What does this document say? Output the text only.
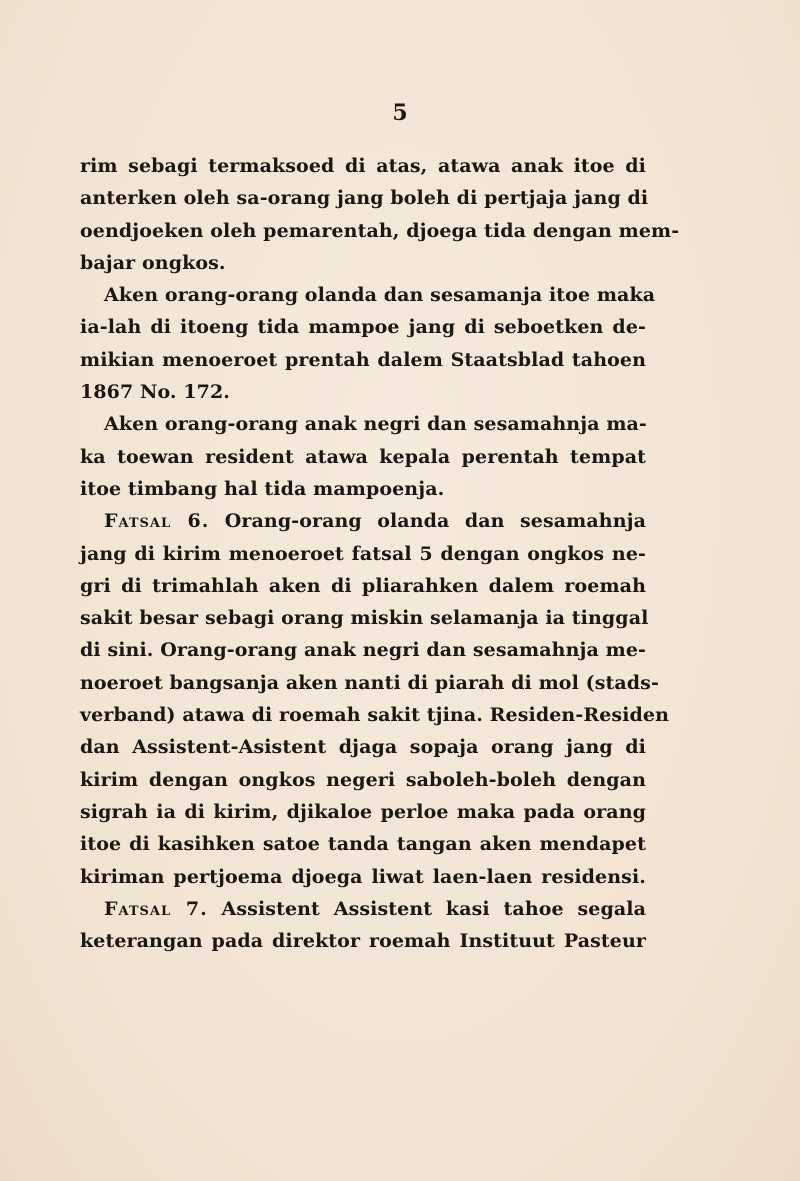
5
rim sebagi termaksoed di atas, atawa anak itoe di
anterken oleh sa-orang jang boleh di pertjaja jang di
oendjoeken oleh pemarentah, djoega tida dengan mem-
bajar ongkos.
Aken orang-orang olanda dan sesamanja itoe maka
ia-lah di itoeng tida mampoe jang di seboetken de-
mikian menoeroet prentah dalem Staatsblad tahoen
1867 No. 172.
Aken orang-orang anak negri dan sesamahnja ma-
ka toewan resident atawa kepala perentah tempat
itoe timbang hal tida mampoenja.
Fatsal 6. Orang-orang olanda dan sesamahnja
jang di kirim menoeroet fatsal 5 dengan ongkos ne-
gri di trimahlah aken di pliarahken dalem roemah
sakit besar sebagi orang miskin selamanja ia tinggal
di sini. Orang-orang anak negri dan sesamahnja me-
noeroet bangsanja aken nanti di piarah di mol (stads-
verband) atawa di roemah sakit tjina. Residen-Residen
dan Assistent-Asistent djaga sopaja orang jang di
kirim dengan ongkos negeri saboleh-boleh dengan
sigrah ia di kirim, djikaloe perloe maka pada orang
itoe di kasihken satoe tanda tangan aken mendapet
kiriman pertjoema djoega liwat laen-laen residensi.
Fatsal 7. Assistent Assistent kasi tahoe segala
keterangan pada direktor roemah Instituut Pasteur
